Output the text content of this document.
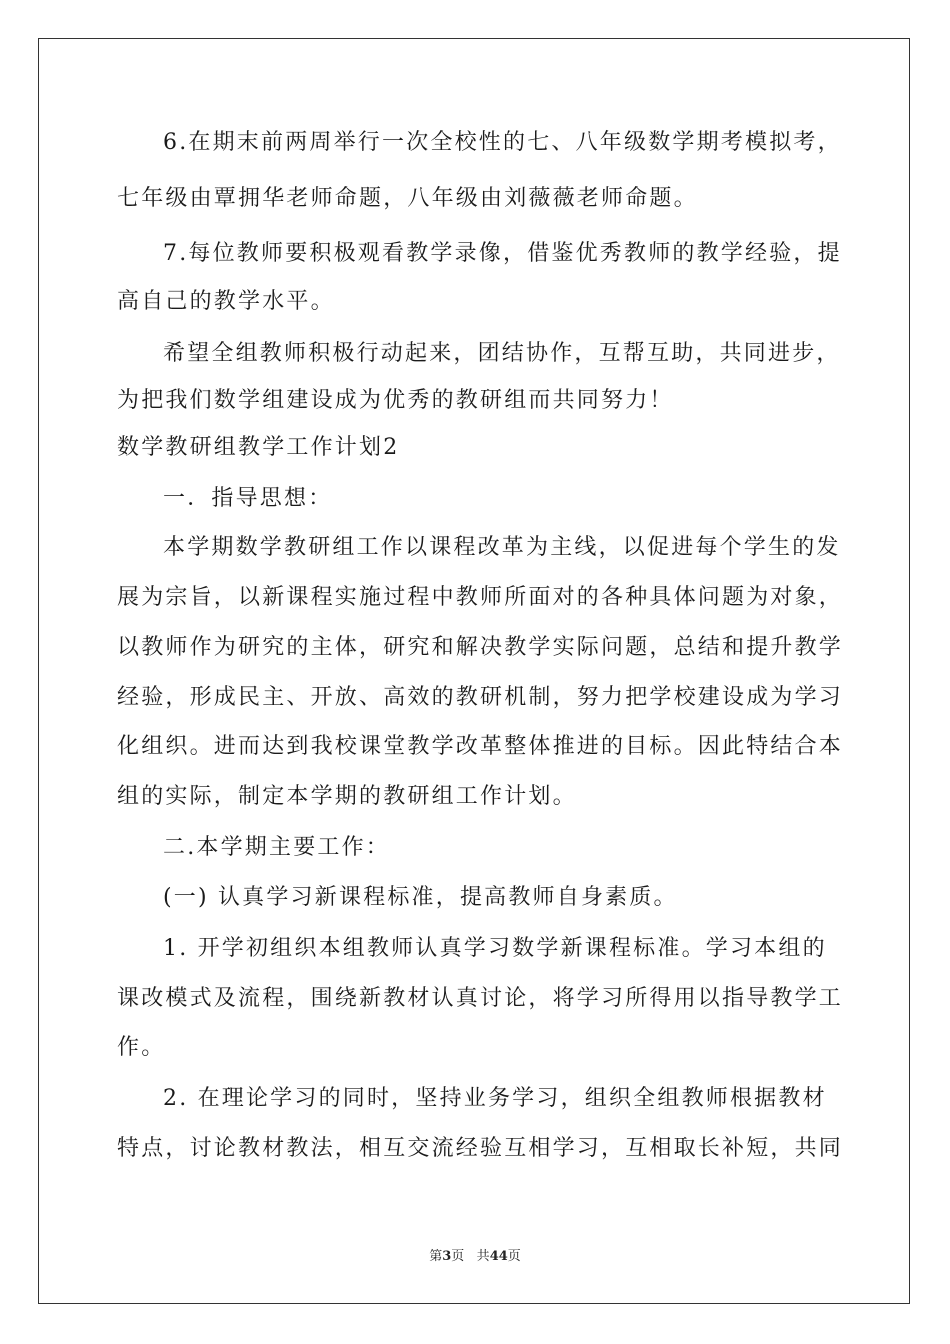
6.在期末前两周举行一次全校性的七、八年级数学期考模拟考，
七年级由覃拥华老师命题，八年级由刘薇薇老师命题。
7.每位教师要积极观看教学录像，借鉴优秀教师的教学经验，提
高自己的教学水平。
希望全组教师积极行动起来，团结协作，互帮互助，共同进步，
为把我们数学组建设成为优秀的教研组而共同努力！
数学教研组教学工作计划2
一．指导思想：
本学期数学教研组工作以课程改革为主线，以促进每个学生的发
展为宗旨，以新课程实施过程中教师所面对的各种具体问题为对象，
以教师作为研究的主体，研究和解决教学实际问题，总结和提升教学
经验，形成民主、开放、高效的教研机制，努力把学校建设成为学习
化组织。进而达到我校课堂教学改革整体推进的目标。因此特结合本
组的实际，制定本学期的教研组工作计划。
二.本学期主要工作：
(一) 认真学习新课程标准，提高教师自身素质。
1. 开学初组织本组教师认真学习数学新课程标准。学习本组的
课改模式及流程，围绕新教材认真讨论，将学习所得用以指导教学工
作。
2. 在理论学习的同时，坚持业务学习，组织全组教师根据教材
特点，讨论教材教法，相互交流经验互相学习，互相取长补短，共同
第3页 共44页
